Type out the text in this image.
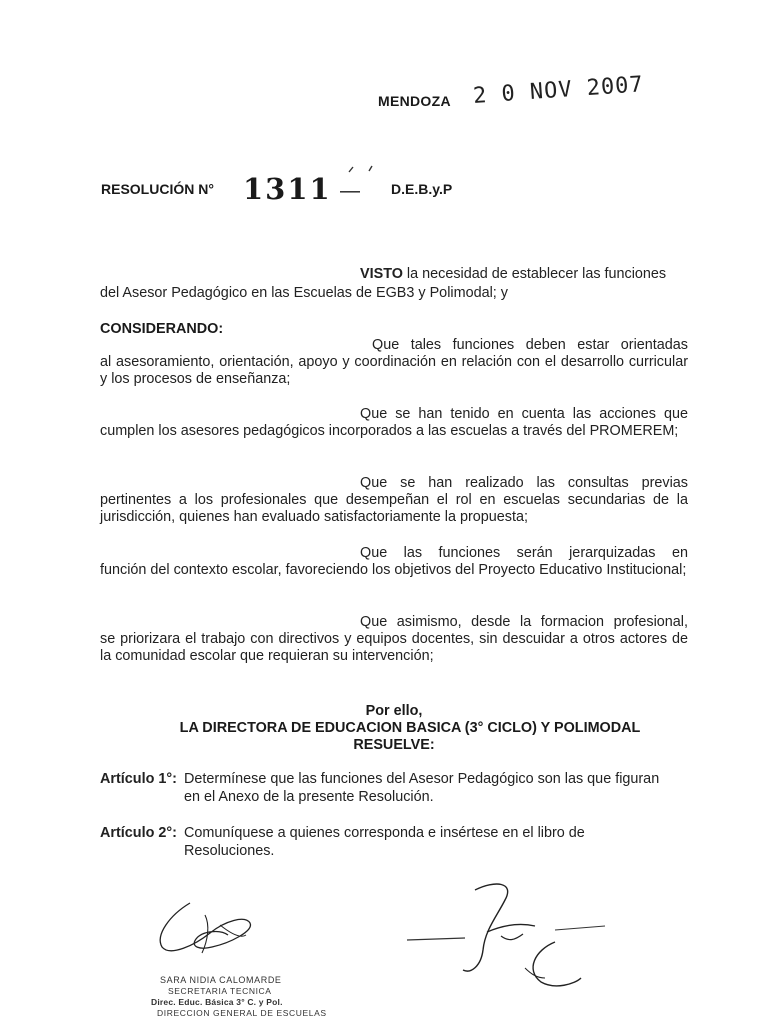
MENDOZA 2 0 NOV 2007
RESOLUCIÓN N° 1311 — D.E.B.y.P
VISTO la necesidad de establecer las funciones
del Asesor Pedagógico en las Escuelas de EGB3 y Polimodal; y
CONSIDERANDO:
Que tales funciones deben estar orientadas
al asesoramiento, orientación, apoyo y coordinación en relación con el desarrollo curricular y los procesos de enseñanza;
Que se han tenido en cuenta las acciones que
cumplen los asesores pedagógicos incorporados a las escuelas a través del PROMEREM;
Que se han realizado las consultas previas
pertinentes a los profesionales que desempeñan el rol en escuelas secundarias de la jurisdicción, quienes han evaluado satisfactoriamente la propuesta;
Que las funciones serán jerarquizadas en
función del contexto escolar, favoreciendo los objetivos del Proyecto Educativo Institucional;
Que asimismo, desde la formacion profesional,
se priorizara el trabajo con directivos y equipos docentes, sin descuidar a otros actores de la comunidad escolar que requieran su intervención;
Por ello,
LA DIRECTORA DE EDUCACION BASICA (3° CICLO) Y POLIMODAL
RESUELVE:
Artículo 1°: Determínese que las funciones del Asesor Pedagógico son las que figuran
en el Anexo de la presente Resolución.
Artículo 2°: Comuníquese a quienes corresponda e insértese en el libro de
Resoluciones.
SARA NIDIA CALOMARDE
SECRETARIA TECNICA
Direc. Educ. Básica 3° C. y Pol.
DIRECCION GENERAL DE ESCUELAS
